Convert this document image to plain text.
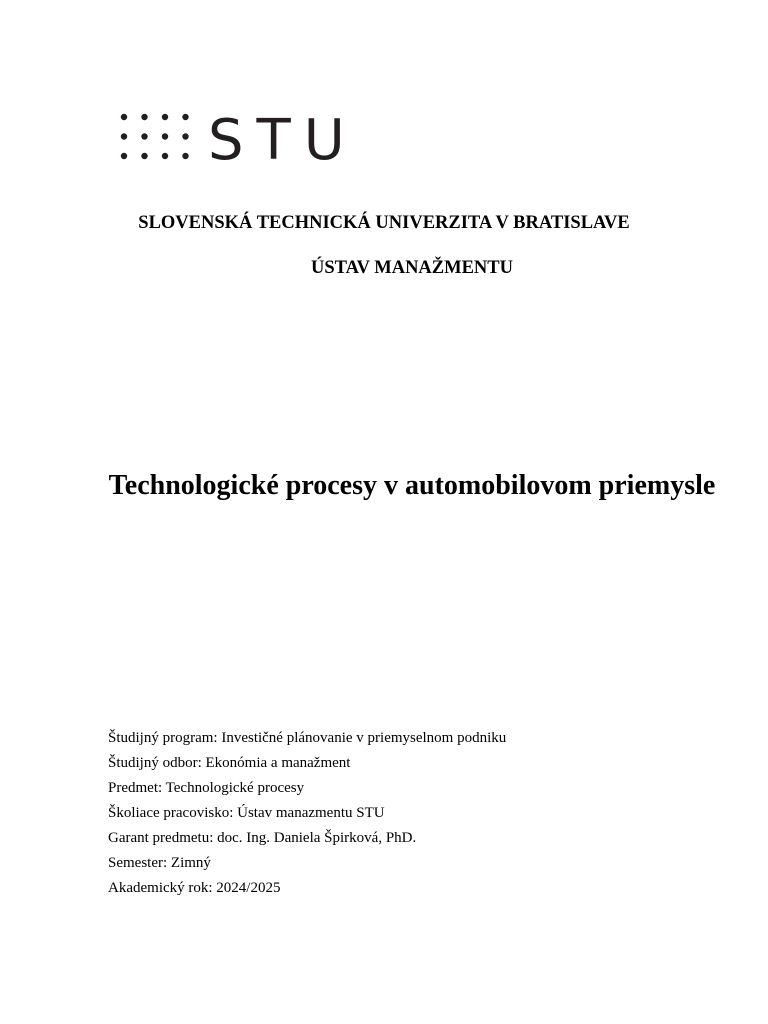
STU
SLOVENSKÁ TECHNICKÁ UNIVERZITA V BRATISLAVE
ÚSTAV MANAŽMENTU
Technologické procesy v automobilovom priemysle
Študijný program: Investičné plánovanie v priemyselnom podniku
Študijný odbor: Ekonómia a manažment
Predmet: Technologické procesy
Školiace pracovisko: Ústav manazmentu STU
Garant predmetu: doc. Ing. Daniela Špirková, PhD.
Semester: Zimný
Akademický rok: 2024/2025
